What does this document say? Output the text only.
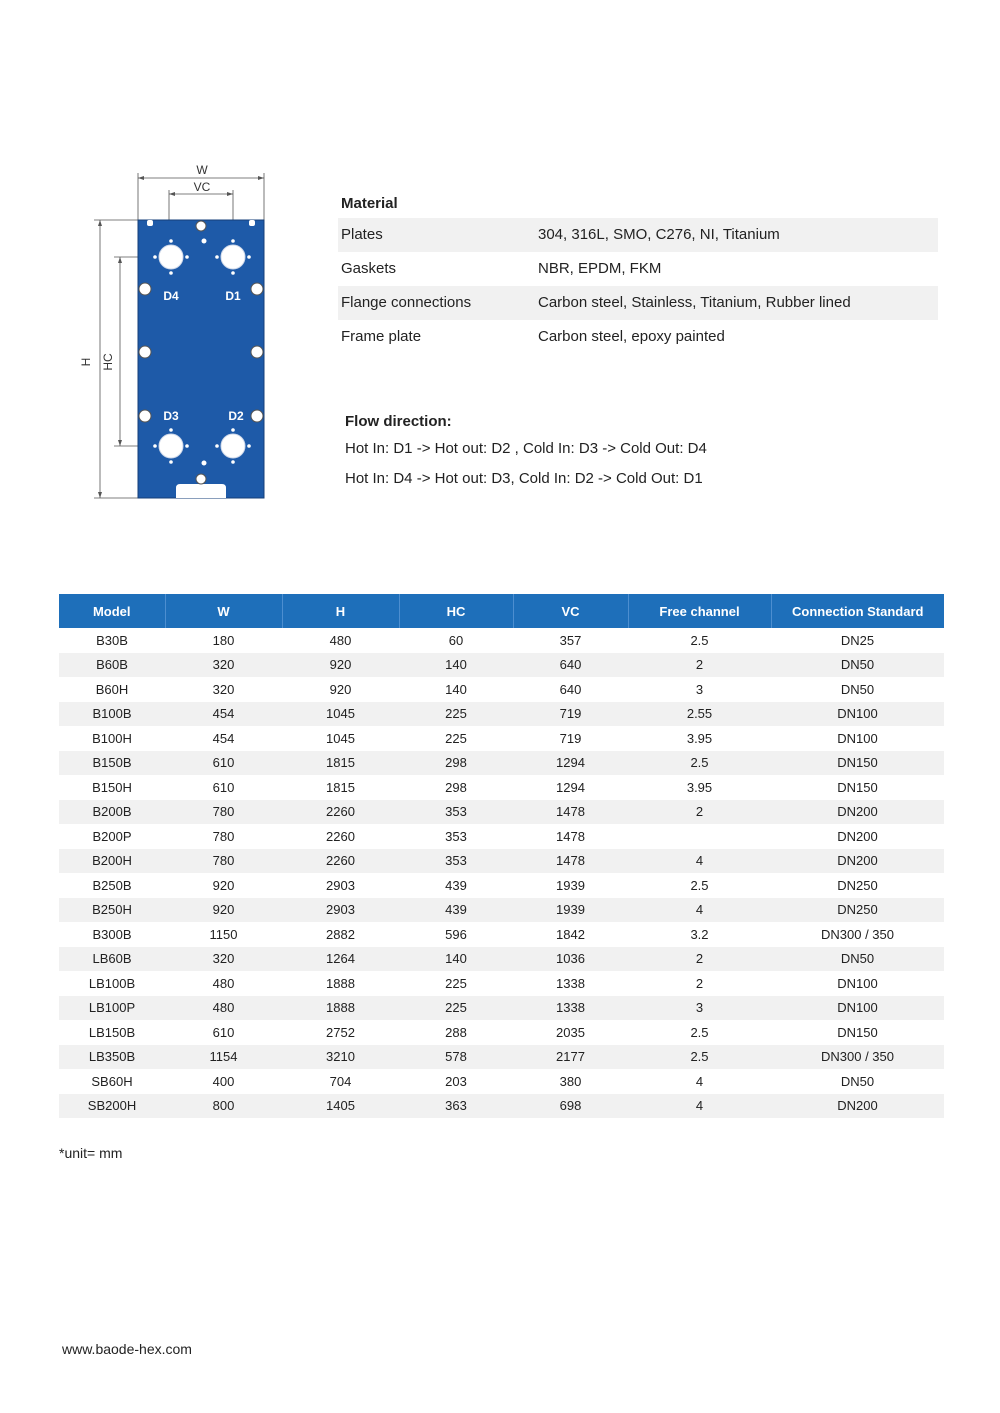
W
VC
H HC
D4	D1
D3	D2
Material
Plates	304, 316L, SMO, C276, NI, Titanium
Gaskets	NBR, EPDM, FKM
Flange connections	Carbon steel, Stainless, Titanium, Rubber lined
Frame plate	Carbon steel, epoxy painted
Flow direction:
Hot In: D1 -> Hot out: D2 , Cold In: D3 -> Cold Out: D4
Hot In: D4 -> Hot out: D3, Cold In: D2 -> Cold Out: D1
Model	W	H	HC	VC	Free channel	Connection Standard
B30B	180	480	60	357	2.5	DN25
B60B	320	920	140	640	2	DN50
B60H	320	920	140	640	3	DN50
B100B	454	1045	225	719	2.55	DN100
B100H	454	1045	225	719	3.95	DN100
B150B	610	1815	298	1294	2.5	DN150
B150H	610	1815	298	1294	3.95	DN150
B200B	780	2260	353	1478	2	DN200
B200P	780	2260	353	1478		DN200
B200H	780	2260	353	1478	4	DN200
B250B	920	2903	439	1939	2.5	DN250
B250H	920	2903	439	1939	4	DN250
B300B	1150	2882	596	1842	3.2	DN300 / 350
LB60B	320	1264	140	1036	2	DN50
LB100B	480	1888	225	1338	2	DN100
LB100P	480	1888	225	1338	3	DN100
LB150B	610	2752	288	2035	2.5	DN150
LB350B	1154	3210	578	2177	2.5	DN300 / 350
SB60H	400	704	203	380	4	DN50
SB200H	800	1405	363	698	4	DN200
*unit= mm
www.baode-hex.com
